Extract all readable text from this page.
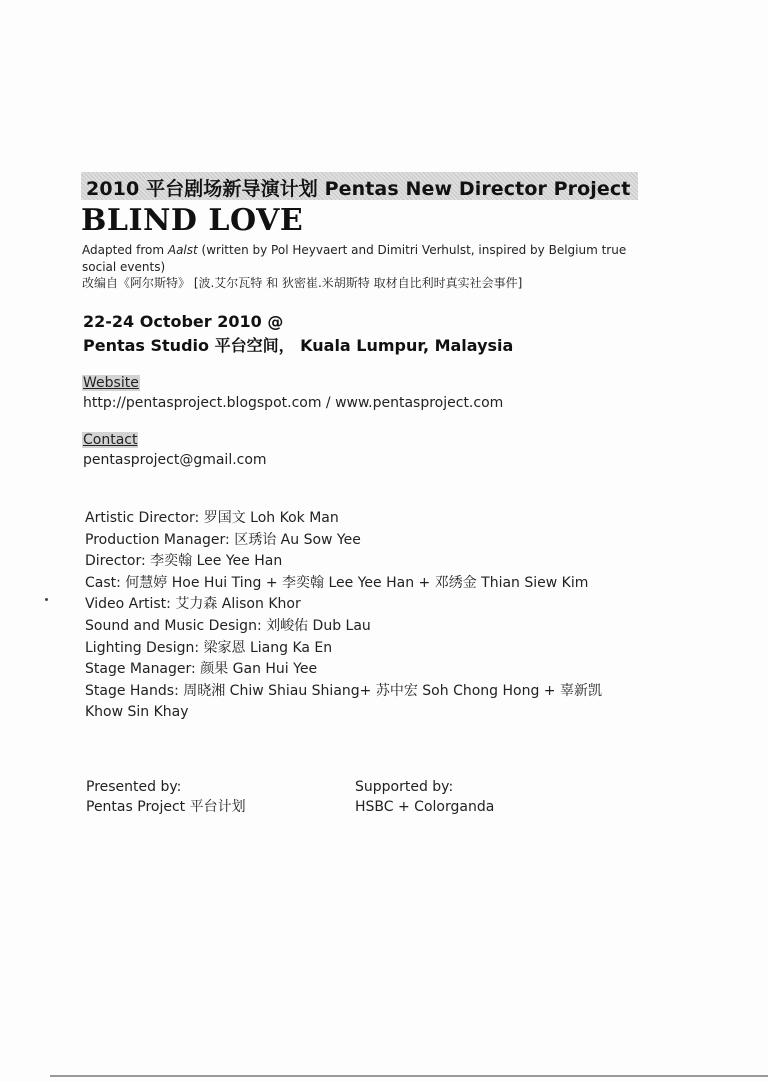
2010 平台剧场新导演计划 Pentas New Director Project
BLIND LOVE
Adapted from Aalst (written by Pol Heyvaert and Dimitri Verhulst, inspired by Belgium true social events)
改编自《阿尔斯特》 [波.艾尔瓦特 和 狄密崔.米胡斯特 取材自比利时真实社会事件]
22-24 October 2010 @
Pentas Studio 平台空间， Kuala Lumpur, Malaysia
Website
http://pentasproject.blogspot.com / www.pentasproject.com
Contact
pentasproject@gmail.com
Artistic Director: 罗国文 Loh Kok Man
Production Manager: 区琇诒 Au Sow Yee
Director: 李奕翰 Lee Yee Han
Cast: 何慧婷 Hoe Hui Ting + 李奕翰 Lee Yee Han + 邓绣金 Thian Siew Kim
Video Artist: 艾力森 Alison Khor
Sound and Music Design: 刘峻佑 Dub Lau
Lighting Design: 梁家恩 Liang Ka En
Stage Manager: 颜果 Gan Hui Yee
Stage Hands: 周晓湘 Chiw Shiau Shiang+ 苏中宏 Soh Chong Hong + 辜新凯
Khow Sin Khay
Presented by:
Pentas Project 平台计划
Supported by:
HSBC + Colorganda
